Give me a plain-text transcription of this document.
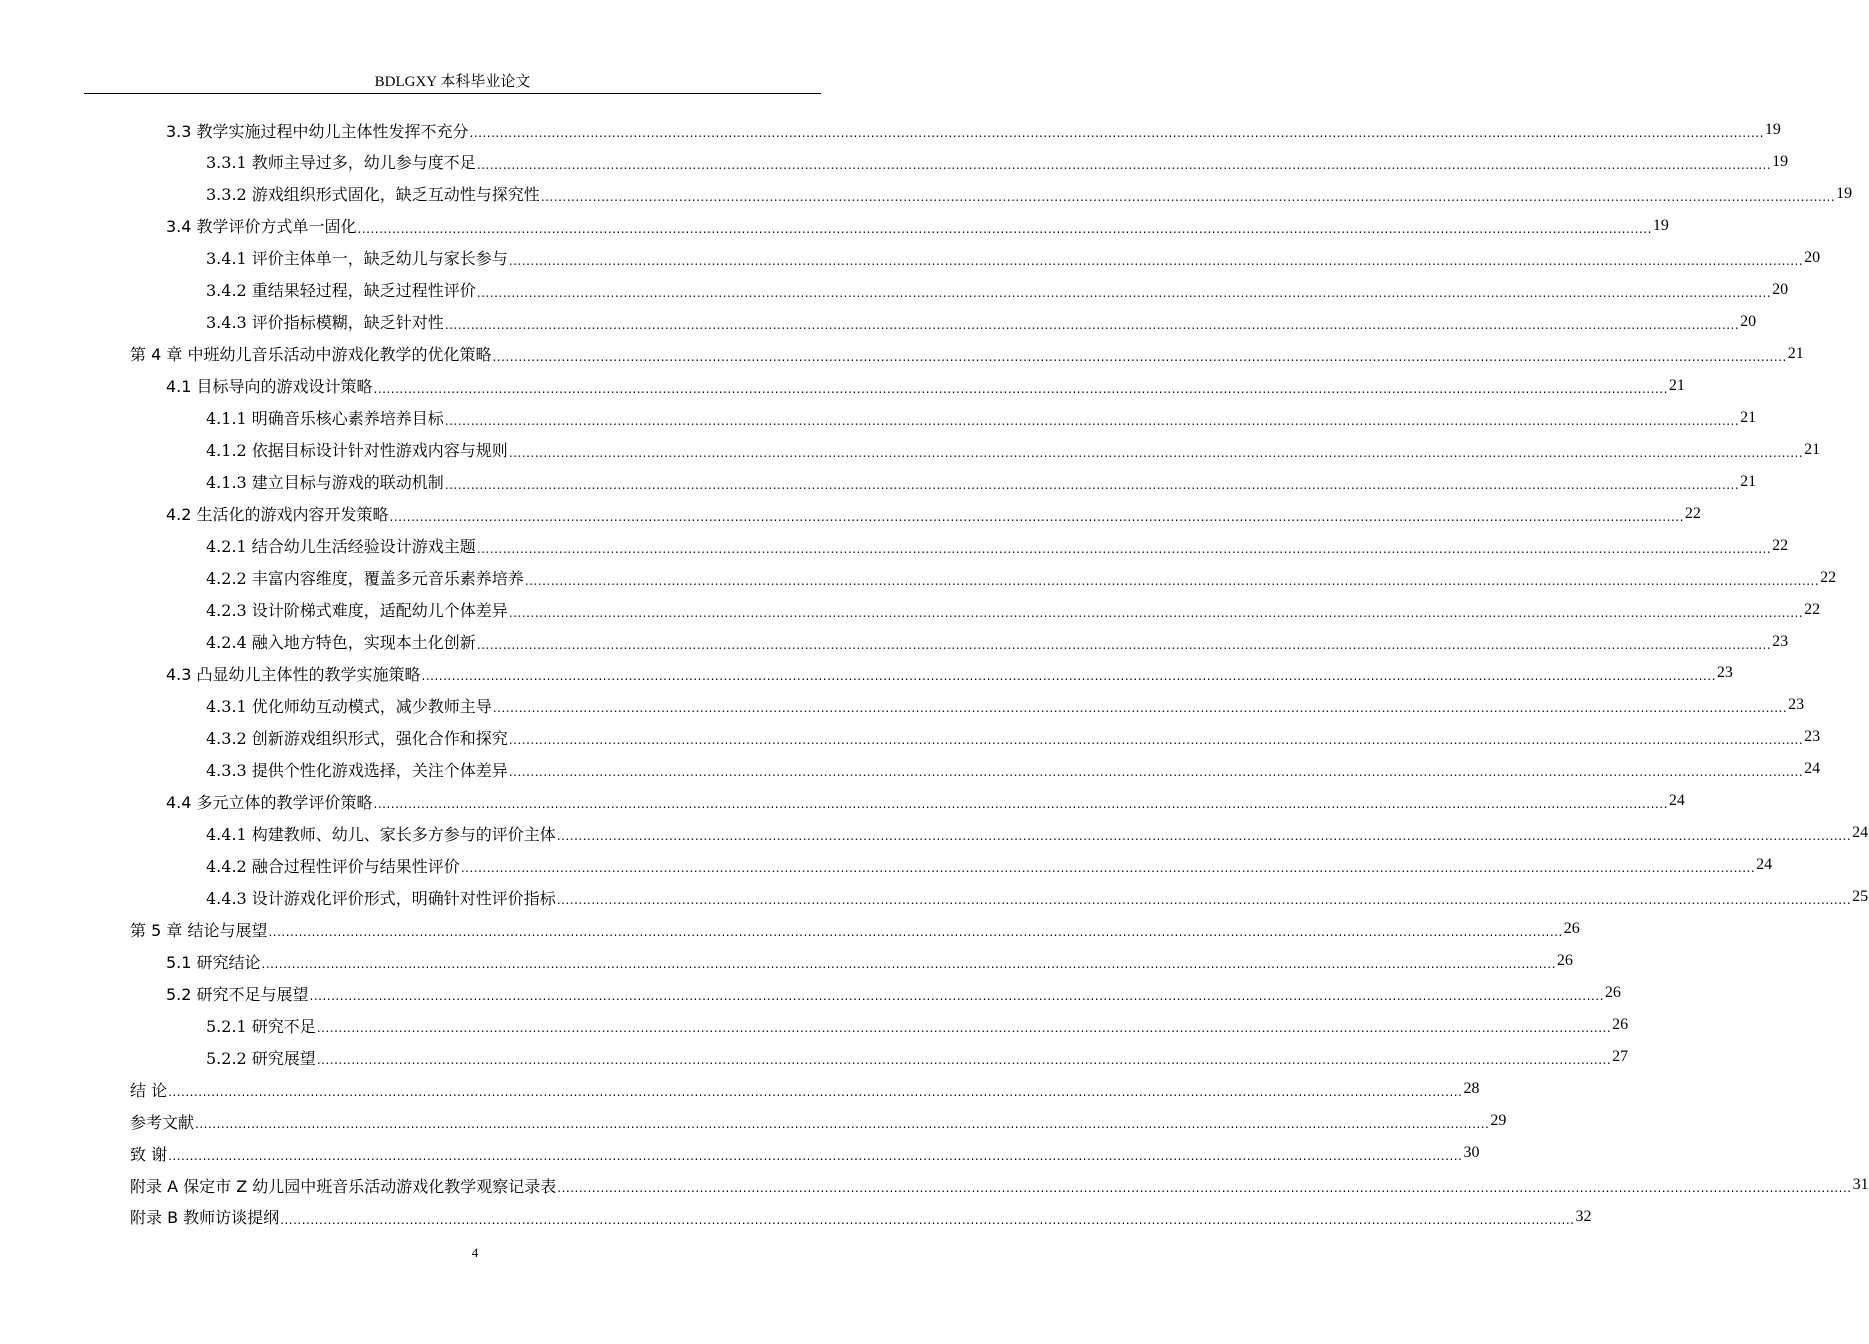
BDLGXY 本科毕业论文
3.3 教学实施过程中幼儿主体性发挥不充分 ............................................................................................................................................................................................................................................................................................................ 19
3.3.1 教师主导过多，幼儿参与度不足 ............................................................................................................................................................................................................................................................................................................ 19
3.3.2 游戏组织形式固化，缺乏互动性与探究性 ............................................................................................................................................................................................................................................................................................................ 19
3.4 教学评价方式单一固化 ............................................................................................................................................................................................................................................................................................................ 19
3.4.1 评价主体单一，缺乏幼儿与家长参与 ............................................................................................................................................................................................................................................................................................................ 20
3.4.2 重结果轻过程，缺乏过程性评价 ............................................................................................................................................................................................................................................................................................................ 20
3.4.3 评价指标模糊，缺乏针对性 ............................................................................................................................................................................................................................................................................................................ 20
第 4 章 中班幼儿音乐活动中游戏化教学的优化策略 ............................................................................................................................................................................................................................................................................................................ 21
4.1 目标导向的游戏设计策略 ............................................................................................................................................................................................................................................................................................................ 21
4.1.1 明确音乐核心素养培养目标 ............................................................................................................................................................................................................................................................................................................ 21
4.1.2 依据目标设计针对性游戏内容与规则 ............................................................................................................................................................................................................................................................................................................ 21
4.1.3 建立目标与游戏的联动机制 ............................................................................................................................................................................................................................................................................................................ 21
4.2 生活化的游戏内容开发策略 ............................................................................................................................................................................................................................................................................................................ 22
4.2.1 结合幼儿生活经验设计游戏主题 ............................................................................................................................................................................................................................................................................................................ 22
4.2.2 丰富内容维度，覆盖多元音乐素养培养 ............................................................................................................................................................................................................................................................................................................ 22
4.2.3 设计阶梯式难度，适配幼儿个体差异 ............................................................................................................................................................................................................................................................................................................ 22
4.2.4 融入地方特色，实现本土化创新 ............................................................................................................................................................................................................................................................................................................ 23
4.3 凸显幼儿主体性的教学实施策略 ............................................................................................................................................................................................................................................................................................................ 23
4.3.1 优化师幼互动模式，减少教师主导 ............................................................................................................................................................................................................................................................................................................ 23
4.3.2 创新游戏组织形式，强化合作和探究 ............................................................................................................................................................................................................................................................................................................ 23
4.3.3 提供个性化游戏选择，关注个体差异 ............................................................................................................................................................................................................................................................................................................ 24
4.4 多元立体的教学评价策略 ............................................................................................................................................................................................................................................................................................................ 24
4.4.1 构建教师、幼儿、家长多方参与的评价主体 ............................................................................................................................................................................................................................................................................................................ 24
4.4.2 融合过程性评价与结果性评价 ............................................................................................................................................................................................................................................................................................................ 24
4.4.3 设计游戏化评价形式，明确针对性评价指标 ............................................................................................................................................................................................................................................................................................................ 25
第 5 章 结论与展望 ............................................................................................................................................................................................................................................................................................................ 26
5.1 研究结论 ............................................................................................................................................................................................................................................................................................................ 26
5.2 研究不足与展望 ............................................................................................................................................................................................................................................................................................................ 26
5.2.1 研究不足 ............................................................................................................................................................................................................................................................................................................ 26
5.2.2 研究展望 ............................................................................................................................................................................................................................................................................................................ 27
结 论 ............................................................................................................................................................................................................................................................................................................ 28
参考文献 ............................................................................................................................................................................................................................................................................................................ 29
致 谢 ............................................................................................................................................................................................................................................................................................................ 30
附录 A 保定市 Z 幼儿园中班音乐活动游戏化教学观察记录表 ............................................................................................................................................................................................................................................................................................................ 31
附录 B 教师访谈提纲 ............................................................................................................................................................................................................................................................................................................ 32
4
